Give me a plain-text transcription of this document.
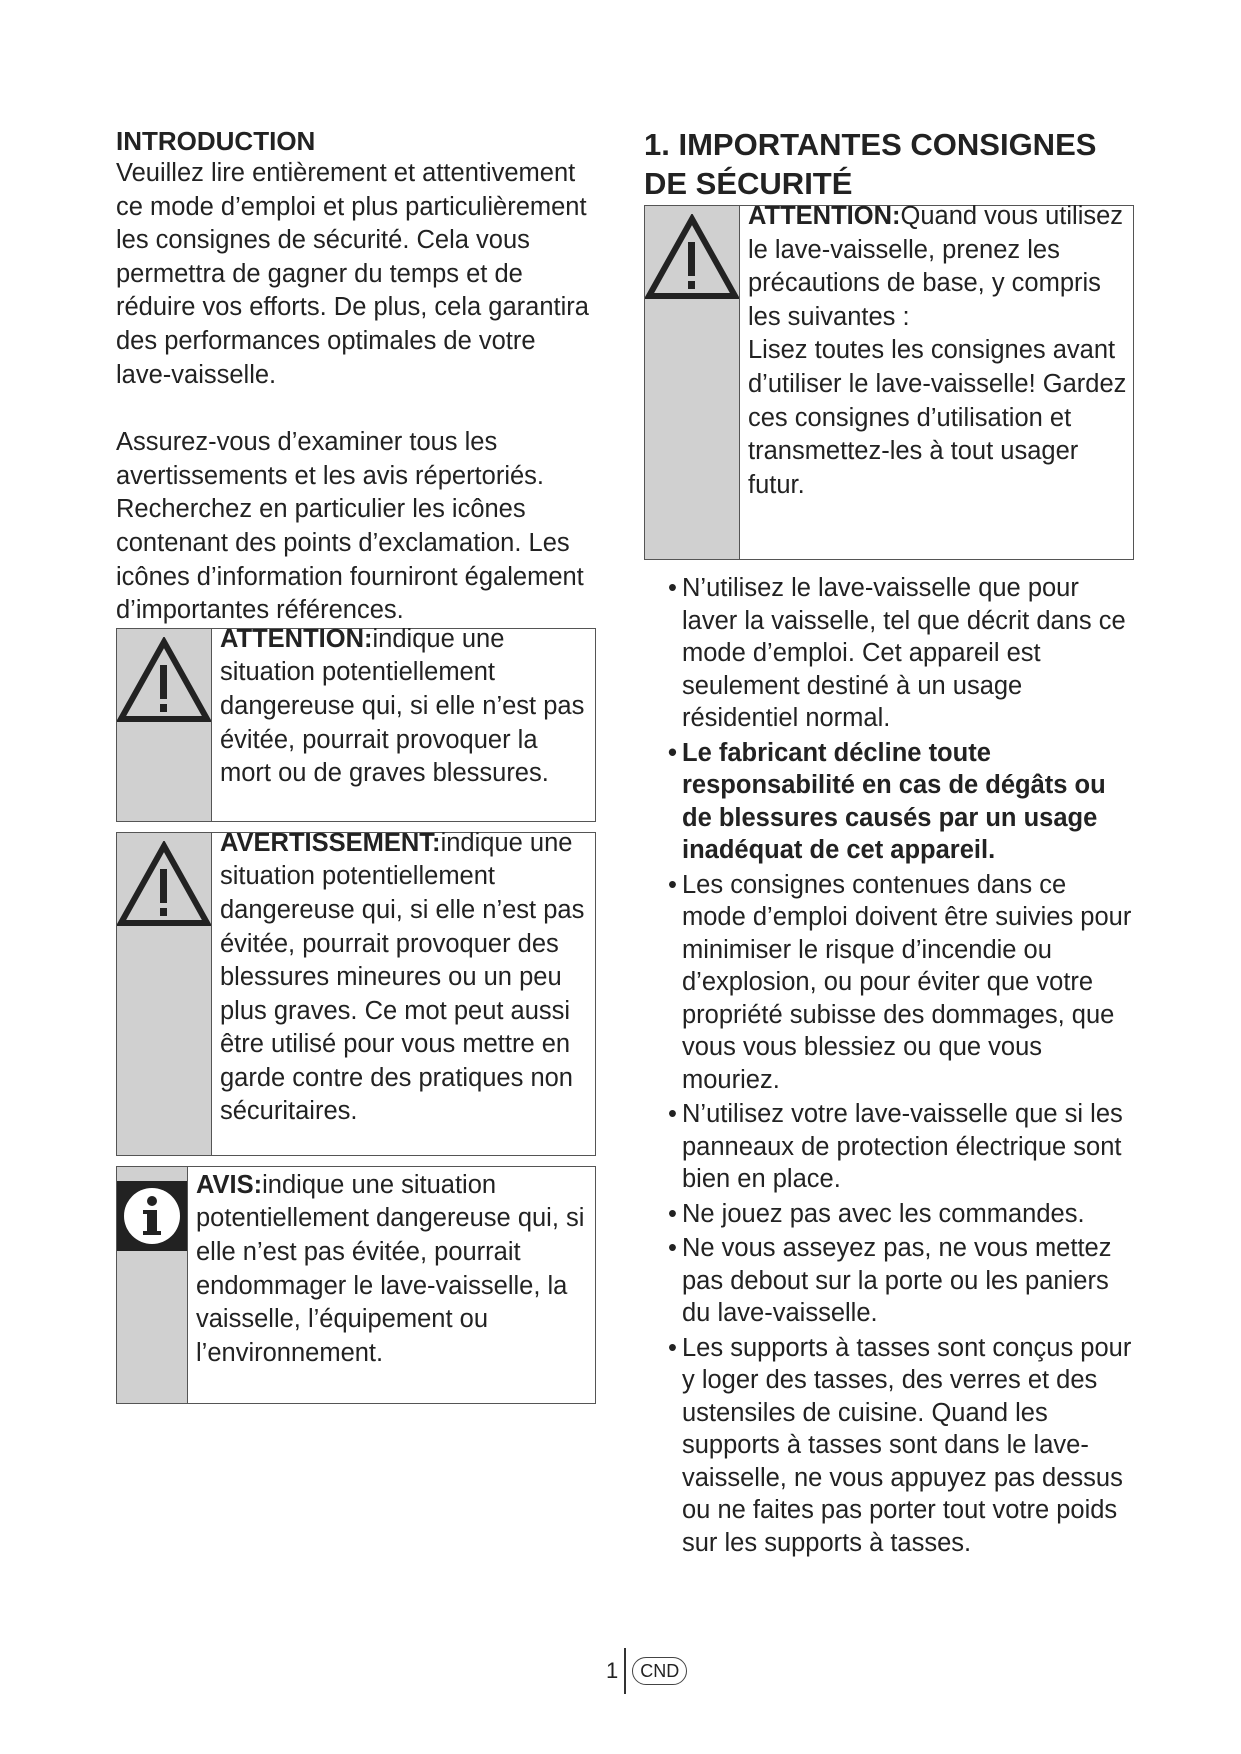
INTRODUCTION

Veuillez lire entièrement et attentivement ce mode d’emploi et plus particulièrement les consignes de sécurité. Cela vous permettra de gagner du temps et de réduire vos efforts. De plus, cela garantira des performances optimales de votre lave-vaisselle.

Assurez-vous d’examiner tous les avertissements et les avis répertoriés. Recherchez en particulier les icônes contenant des points d’exclamation. Les icônes d’information fourniront également d’importantes références.

ATTENTION:indique une situation potentiellement dangereuse qui, si elle n’est pas évitée, pourrait provoquer la mort ou de graves blessures.
AVERTISSEMENT:indique une situation potentiellement dangereuse qui, si elle n’est pas évitée, pourrait provoquer des blessures mineures ou un peu plus graves. Ce mot peut aussi être utilisé pour vous mettre en garde contre des pratiques non sécuritaires.
AVIS:indique une situation potentiellement dangereuse qui, si elle n’est pas évitée, pourrait endommager le lave-vaisselle, la vaisselle, l’équipement ou l’environnement.

1. IMPORTANTES CONSIGNES DE SÉCURITÉ

ATTENTION:Quand vous utilisez le lave-vaisselle, prenez les précautions de base, y compris les suivantes :
Lisez toutes les consignes avant d’utiliser le lave-vaisselle! Gardez ces consignes d’utilisation et transmettez-les à tout usager futur.
• N’utilisez le lave-vaisselle que pour laver la vaisselle, tel que décrit dans ce mode d’emploi. Cet appareil est seulement destiné à un usage résidentiel normal.
• Le fabricant décline toute responsabilité en cas de dégâts ou de blessures causés par un usage inadéquat de cet appareil.
• Les consignes contenues dans ce mode d’emploi doivent être suivies pour minimiser le risque d’incendie ou d’explosion, ou pour éviter que votre propriété subisse des dommages, que vous vous blessiez ou que vous mouriez.
• N’utilisez votre lave-vaisselle que si les panneaux de protection électrique sont bien en place.
• Ne jouez pas avec les commandes.
• Ne vous asseyez pas, ne vous mettez pas debout sur la porte ou les paniers du lave-vaisselle.
• Les supports à tasses sont conçus pour y loger des tasses, des verres et des ustensiles de cuisine. Quand les supports à tasses sont dans le lave-vaisselle, ne vous appuyez pas dessus ou ne faites pas porter tout votre poids sur les supports à tasses.
1	CND
